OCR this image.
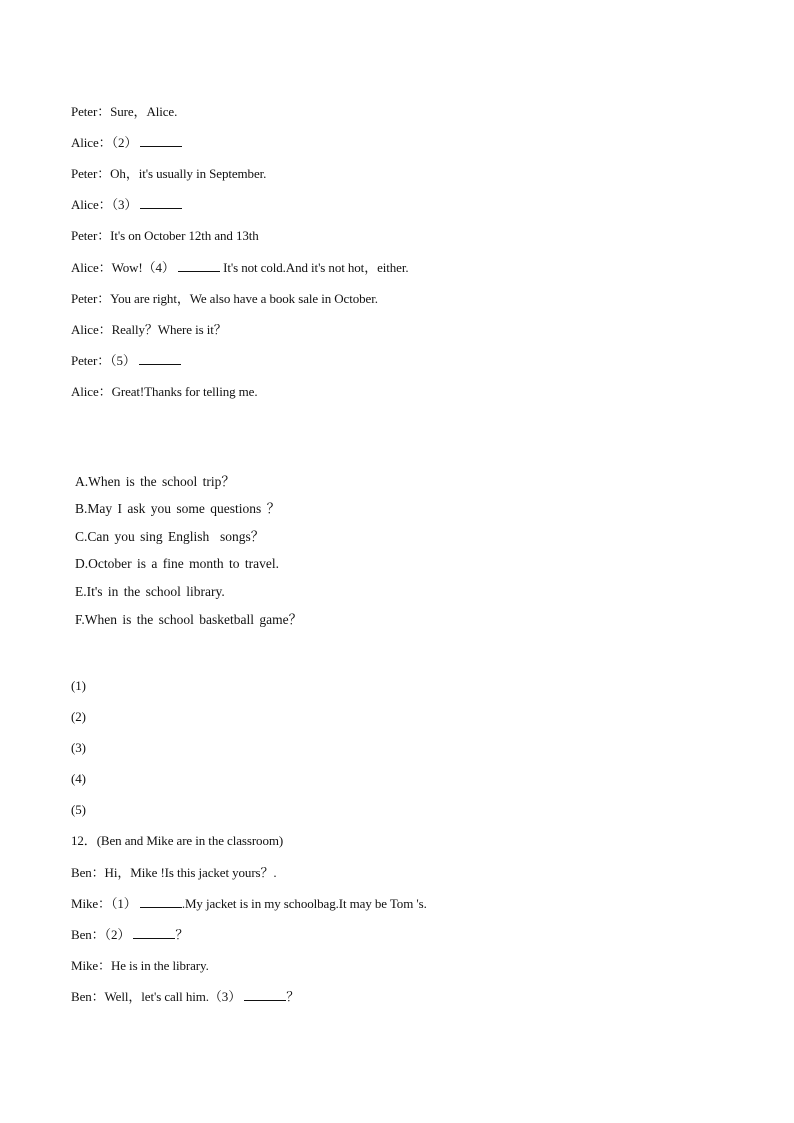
Peter：Sure，Alice.
Alice：（2）
Peter：Oh，it's usually in September.
Alice：（3）
Peter：It's on October 12th and 13th
Alice：Wow!（4）	It's not cold.And it's not hot，either.
Peter：You are right，We also have a book sale in October.
Alice：Really？Where is it？
Peter：（5）
Alice：Great!Thanks for telling me.
A.When is the school trip？
B.May I ask you some questions ？
C.Can you sing English  songs？
D.October is a fine month to travel.
E.It's in the school library.
F.When is the school basketball game？
(1)
(2)
(3)
(4)
(5)
12．(Ben and Mike are in the classroom)
Ben：Hi，Mike !Is this jacket yours？.
Mike：（1）	.My jacket is in my schoolbag.It may be Tom 's.
Ben：（2）	？
Mike：He is in the library.
Ben：Well，let's call him.（3）	？
